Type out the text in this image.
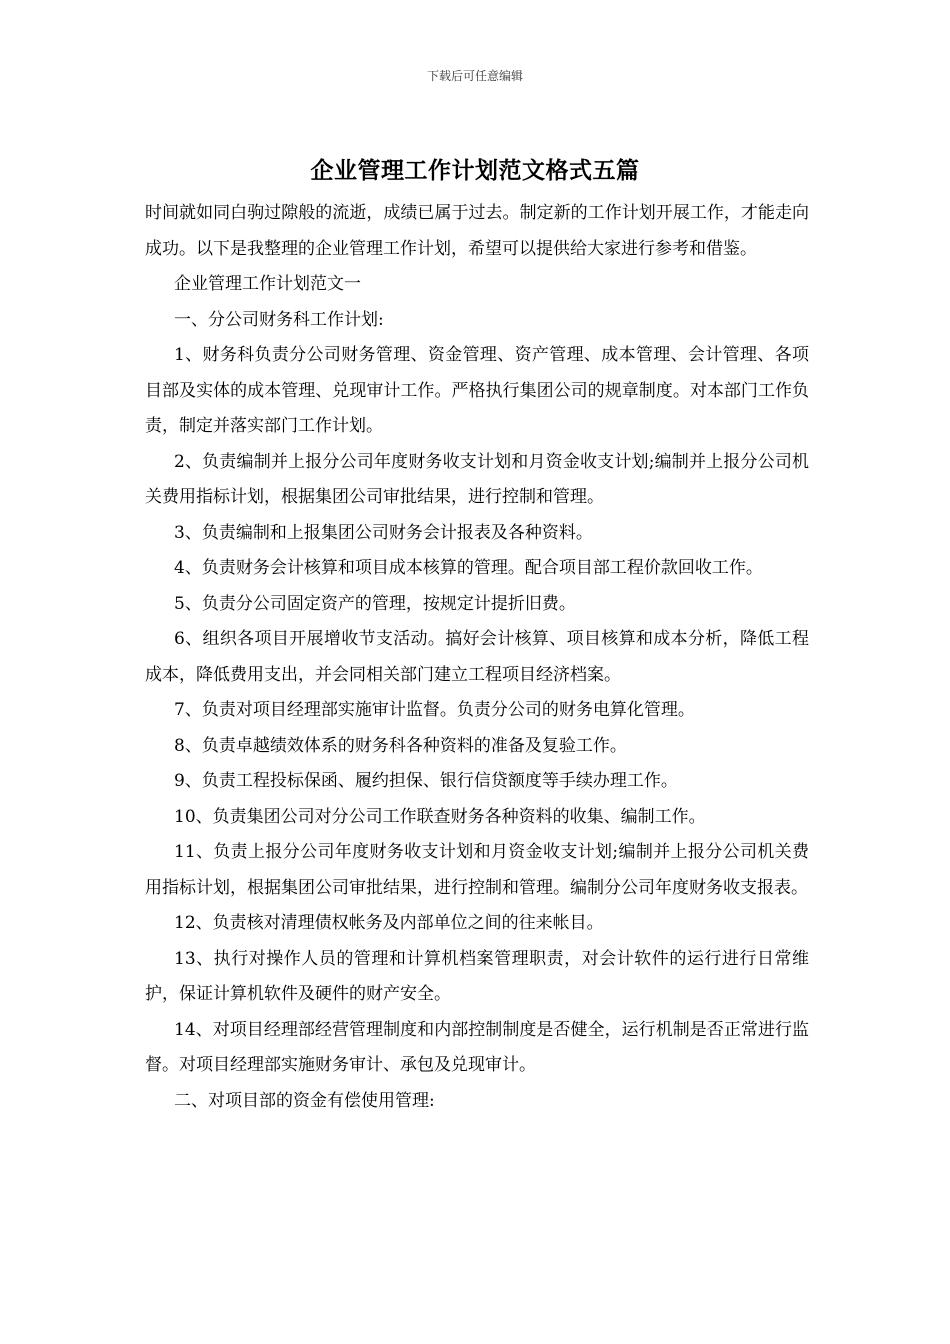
下载后可任意编辑
企业管理工作计划范文格式五篇

时间就如同白驹过隙般的流逝，成绩已属于过去。制定新的工作计划开展工作，才能走向成功。以下是我整理的企业管理工作计划，希望可以提供给大家进行参考和借鉴。

企业管理工作计划范文一

一、分公司财务科工作计划:

1、财务科负责分公司财务管理、资金管理、资产管理、成本管理、会计管理、各项目部及实体的成本管理、兑现审计工作。严格执行集团公司的规章制度。对本部门工作负责，制定并落实部门工作计划。

2、负责编制并上报分公司年度财务收支计划和月资金收支计划;编制并上报分公司机关费用指标计划，根据集团公司审批结果，进行控制和管理。

3、负责编制和上报集团公司财务会计报表及各种资料。

4、负责财务会计核算和项目成本核算的管理。配合项目部工程价款回收工作。

5、负责分公司固定资产的管理，按规定计提折旧费。

6、组织各项目开展增收节支活动。搞好会计核算、项目核算和成本分析，降低工程成本，降低费用支出，并会同相关部门建立工程项目经济档案。

7、负责对项目经理部实施审计监督。负责分公司的财务电算化管理。

8、负责卓越绩效体系的财务科各种资料的准备及复验工作。

9、负责工程投标保函、履约担保、银行信贷额度等手续办理工作。

10、负责集团公司对分公司工作联查财务各种资料的收集、编制工作。

11、负责上报分公司年度财务收支计划和月资金收支计划;编制并上报分公司机关费用指标计划，根据集团公司审批结果，进行控制和管理。编制分公司年度财务收支报表。

12、负责核对清理债权帐务及内部单位之间的往来帐目。

13、执行对操作人员的管理和计算机档案管理职责，对会计软件的运行进行日常维护，保证计算机软件及硬件的财产安全。

14、对项目经理部经营管理制度和内部控制制度是否健全，运行机制是否正常进行监督。对项目经理部实施财务审计、承包及兑现审计。

二、对项目部的资金有偿使用管理:
